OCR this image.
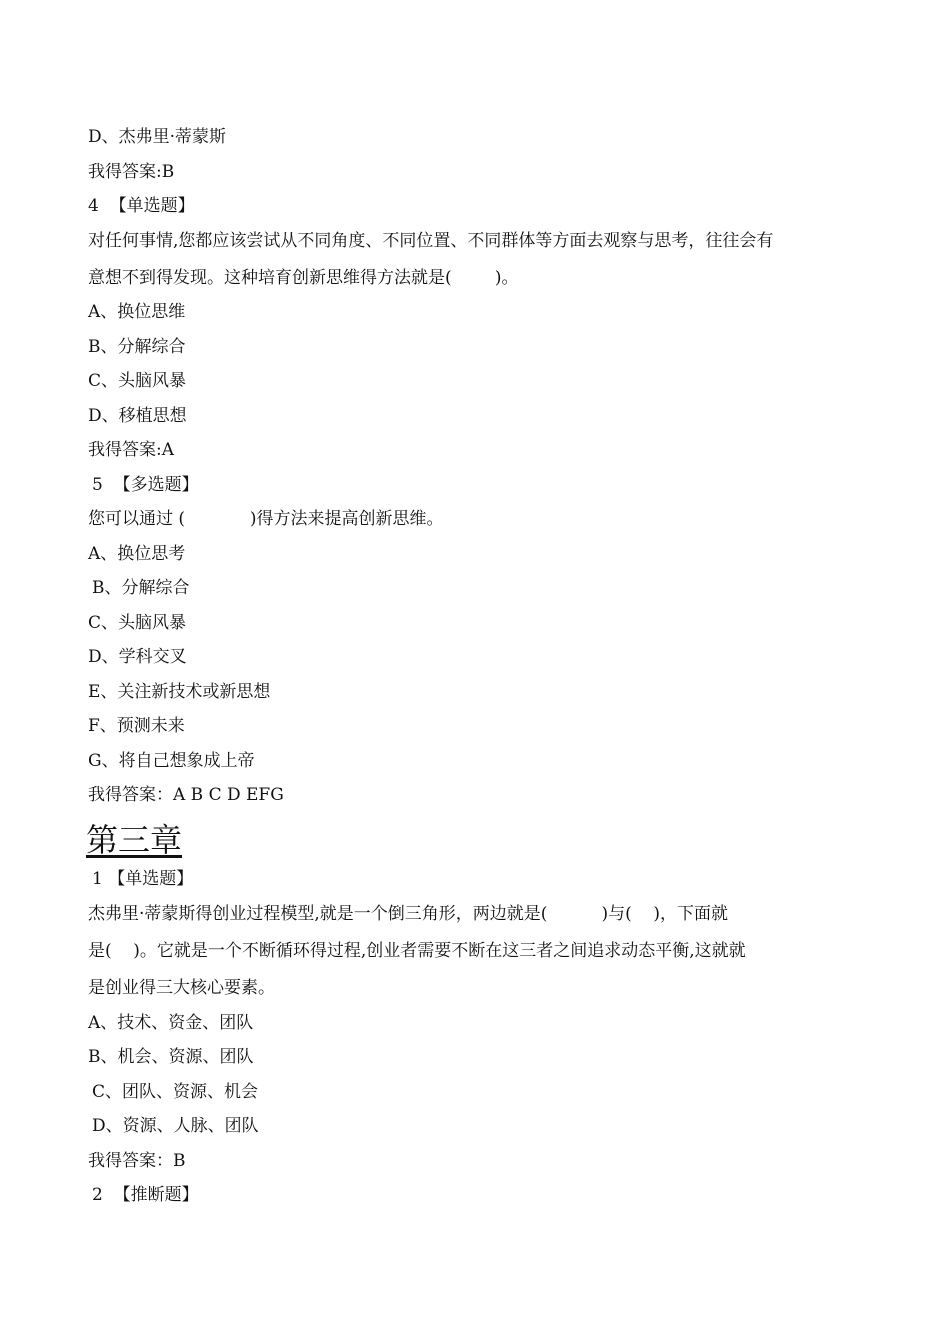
D、杰弗里·蒂蒙斯
我得答案:B
4  【单选题】
对任何事情,您都应该尝试从不同角度、不同位置、不同群体等方面去观察与思考，往往会有
意想不到得发现。这种培育创新思维得方法就是(        )。
A、换位思维
B、分解综合
C、头脑风暴
D、移植思想
我得答案:A
5  【多选题】
您可以通过 (            )得方法来提高创新思维。
A、换位思考
B、分解综合
C、头脑风暴
D、学科交叉
E、关注新技术或新思想
F、预测未来
G、将自己想象成上帝
我得答案：A B C D EFG
第三章
1 【单选题】
杰弗里·蒂蒙斯得创业过程模型,就是一个倒三角形，两边就是(          )与(    )，下面就
是(    )。它就是一个不断循环得过程,创业者需要不断在这三者之间追求动态平衡,这就就
是创业得三大核心要素。
A、技术、资金、团队
B、机会、资源、团队
C、团队、资源、机会
D、资源、人脉、团队
我得答案：B
2  【推断题】
